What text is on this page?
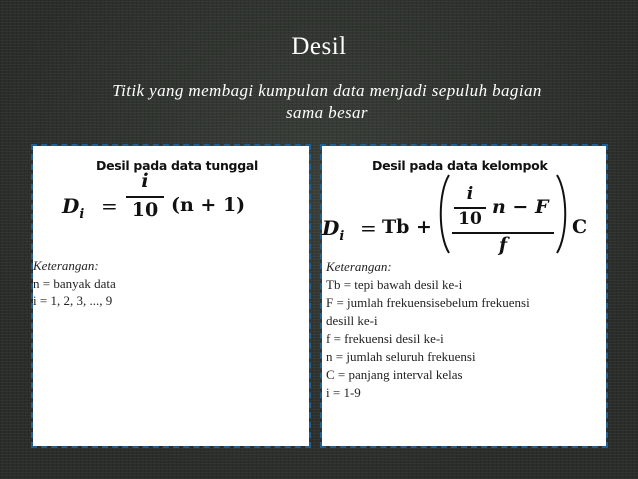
Desil
Titik yang membagi kumpulan data menjadi sepuluh bagian sama besar
Desil pada data tunggal
$D_i$ =
i
10 (n + 1)
Keterangan:
n = banyak data
i = 1, 2, 3, ..., 9
Desil pada data kelompok
$D_i = Tb$ +
i
10
n − F
f
C
Keterangan:
Tb = tepi bawah desil ke-i
F = jumlah frekuensisebelum frekuensi
desill ke-i
f = frekuensi desil ke-i
n = jumlah seluruh frekuensi
C = panjang interval kelas
i = 1-9
